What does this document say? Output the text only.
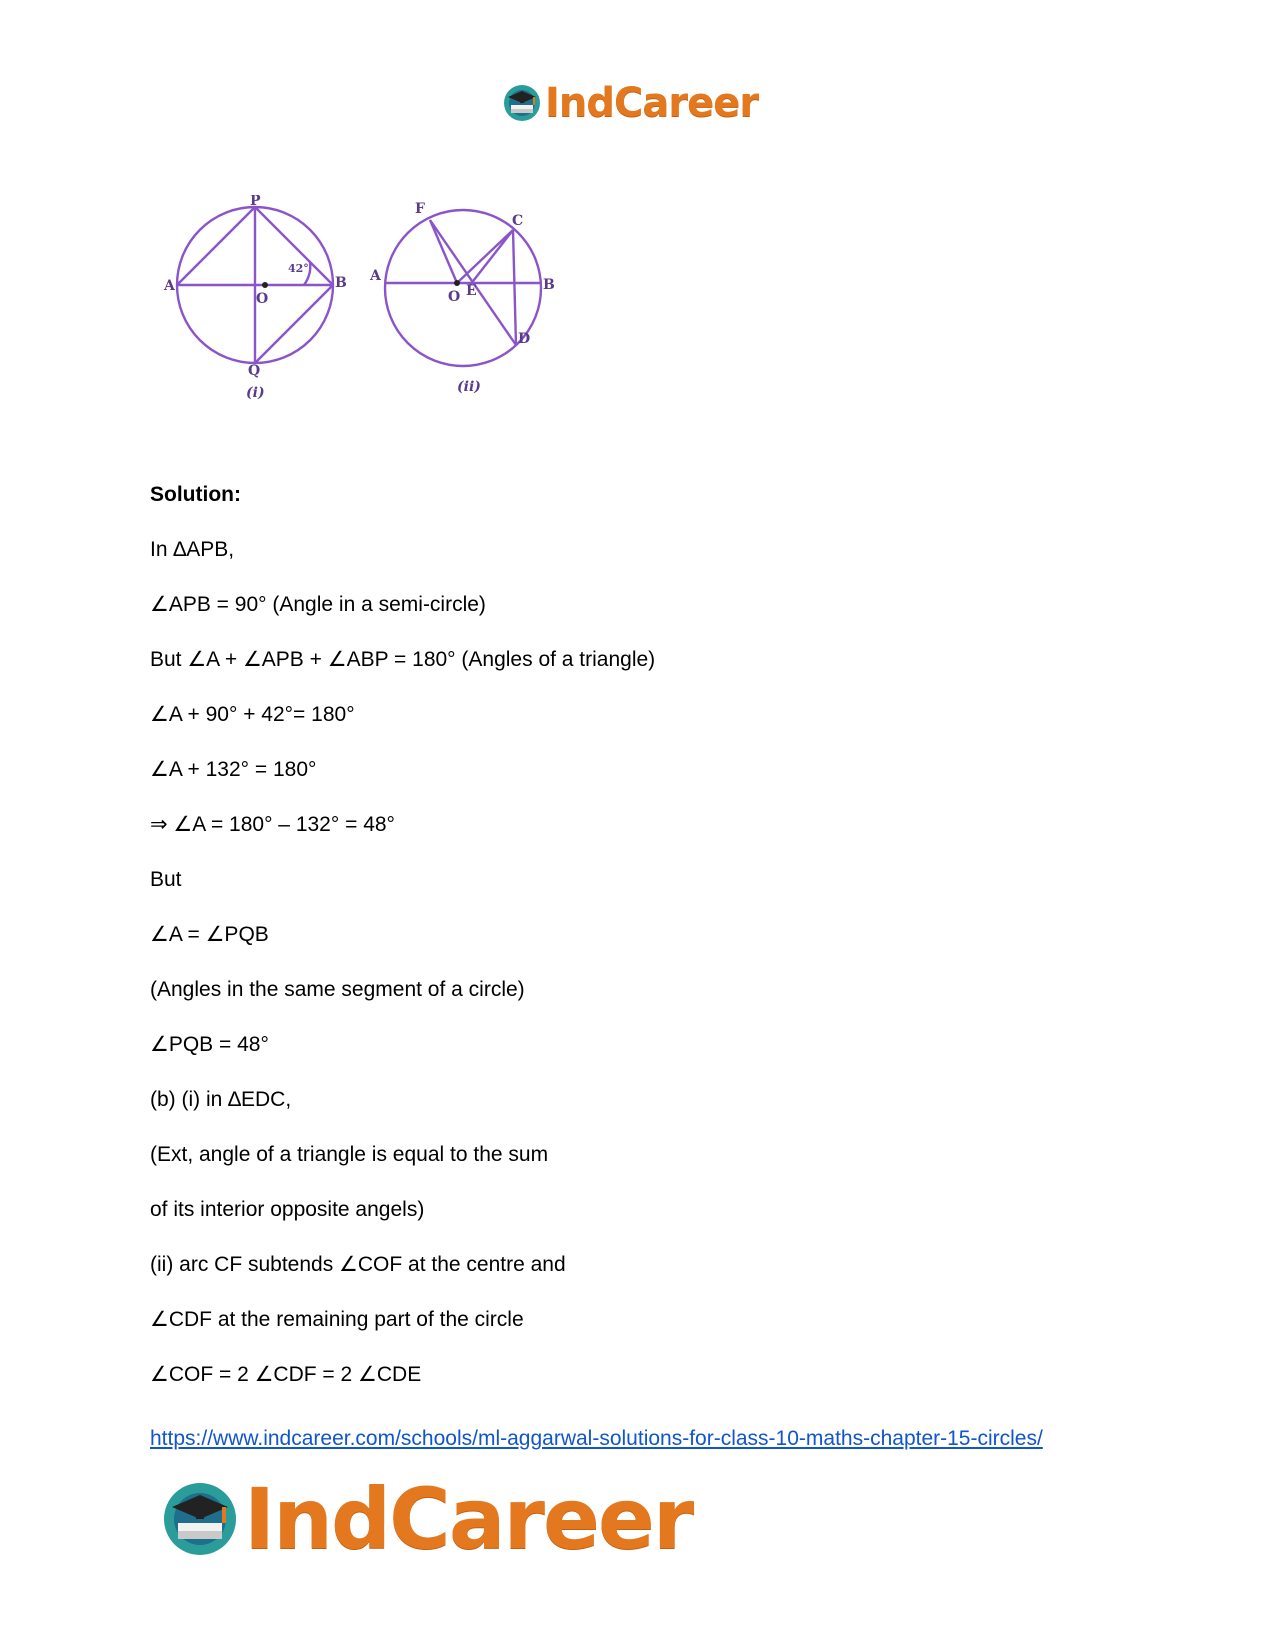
IndCareer
P
A	B
Q
O
42°
(i)
F
C
A
O E	B
D
(ii)
Solution:
In ∆APB,
∠APB = 90° (Angle in a semi-circle)
But ∠A + ∠APB + ∠ABP = 180° (Angles of a triangle)
∠A + 90° + 42°= 180°
∠A + 132° = 180°
⇒ ∠A = 180° – 132° = 48°
But
∠A = ∠PQB
(Angles in the same segment of a circle)
∠PQB = 48°
(b) (i) in ∆EDC,
(Ext, angle of a triangle is equal to the sum
of its interior opposite angels)
(ii) arc CF subtends ∠COF at the centre and
∠CDF at the remaining part of the circle
∠COF = 2 ∠CDF = 2 ∠CDE
https://www.indcareer.com/schools/ml-aggarwal-solutions-for-class-10-maths-chapter-15-circles/
IndCareer
